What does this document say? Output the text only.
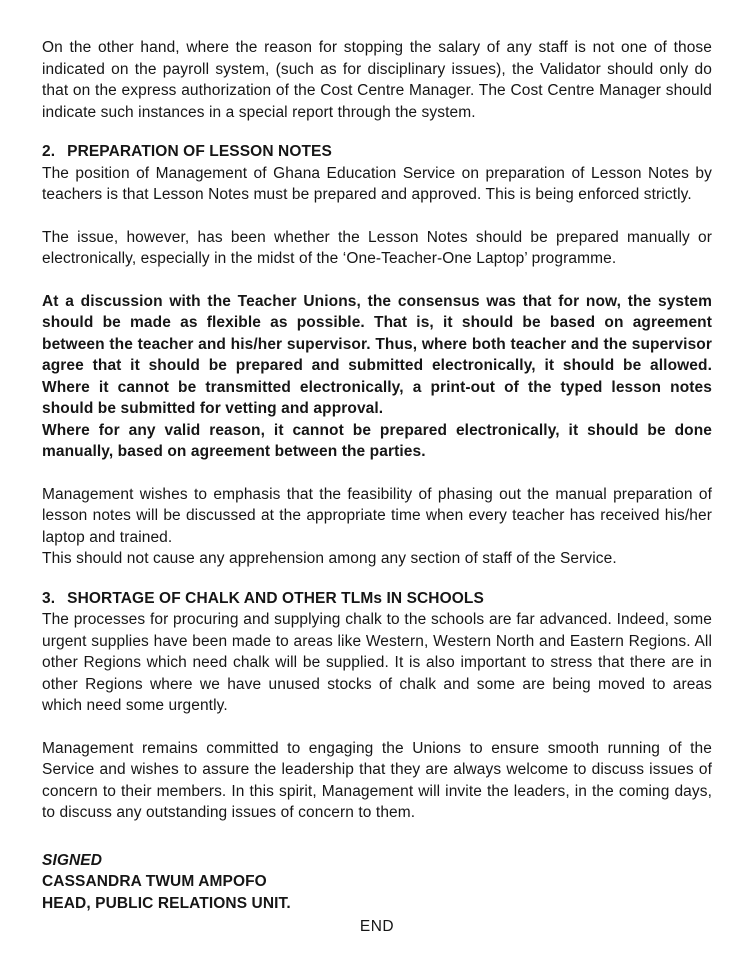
On the other hand, where the reason for stopping the salary of any staff is not one of those indicated on the payroll system, (such as for disciplinary issues), the Validator should only do that on the express authorization of the Cost Centre Manager. The Cost Centre Manager should indicate such instances in a special report through the system.

2. PREPARATION OF LESSON NOTES

The position of Management of Ghana Education Service on preparation of Lesson Notes by teachers is that Lesson Notes must be prepared and approved. This is being enforced strictly.

The issue, however, has been whether the Lesson Notes should be prepared manually or electronically, especially in the midst of the ‘One-Teacher-One Laptop’ programme.

At a discussion with the Teacher Unions, the consensus was that for now, the system should be made as flexible as possible. That is, it should be based on agreement between the teacher and his/her supervisor. Thus, where both teacher and the supervisor agree that it should be prepared and submitted electronically, it should be allowed. Where it cannot be transmitted electronically, a print-out of the typed lesson notes should be submitted for vetting and approval.

Where for any valid reason, it cannot be prepared electronically, it should be done manually, based on agreement between the parties.

Management wishes to emphasis that the feasibility of phasing out the manual preparation of lesson notes will be discussed at the appropriate time when every teacher has received his/her laptop and trained.

This should not cause any apprehension among any section of staff of the Service.

3. SHORTAGE OF CHALK AND OTHER TLMs IN SCHOOLS

The processes for procuring and supplying chalk to the schools are far advanced. Indeed, some urgent supplies have been made to areas like Western, Western North and Eastern Regions. All other Regions which need chalk will be supplied. It is also important to stress that there are in other Regions where we have unused stocks of chalk and some are being moved to areas which need some urgently.

Management remains committed to engaging the Unions to ensure smooth running of the Service and wishes to assure the leadership that they are always welcome to discuss issues of concern to their members. In this spirit, Management will invite the leaders, in the coming days, to discuss any outstanding issues of concern to them.

SIGNED

CASSANDRA TWUM AMPOFO

HEAD, PUBLIC RELATIONS UNIT.

END
